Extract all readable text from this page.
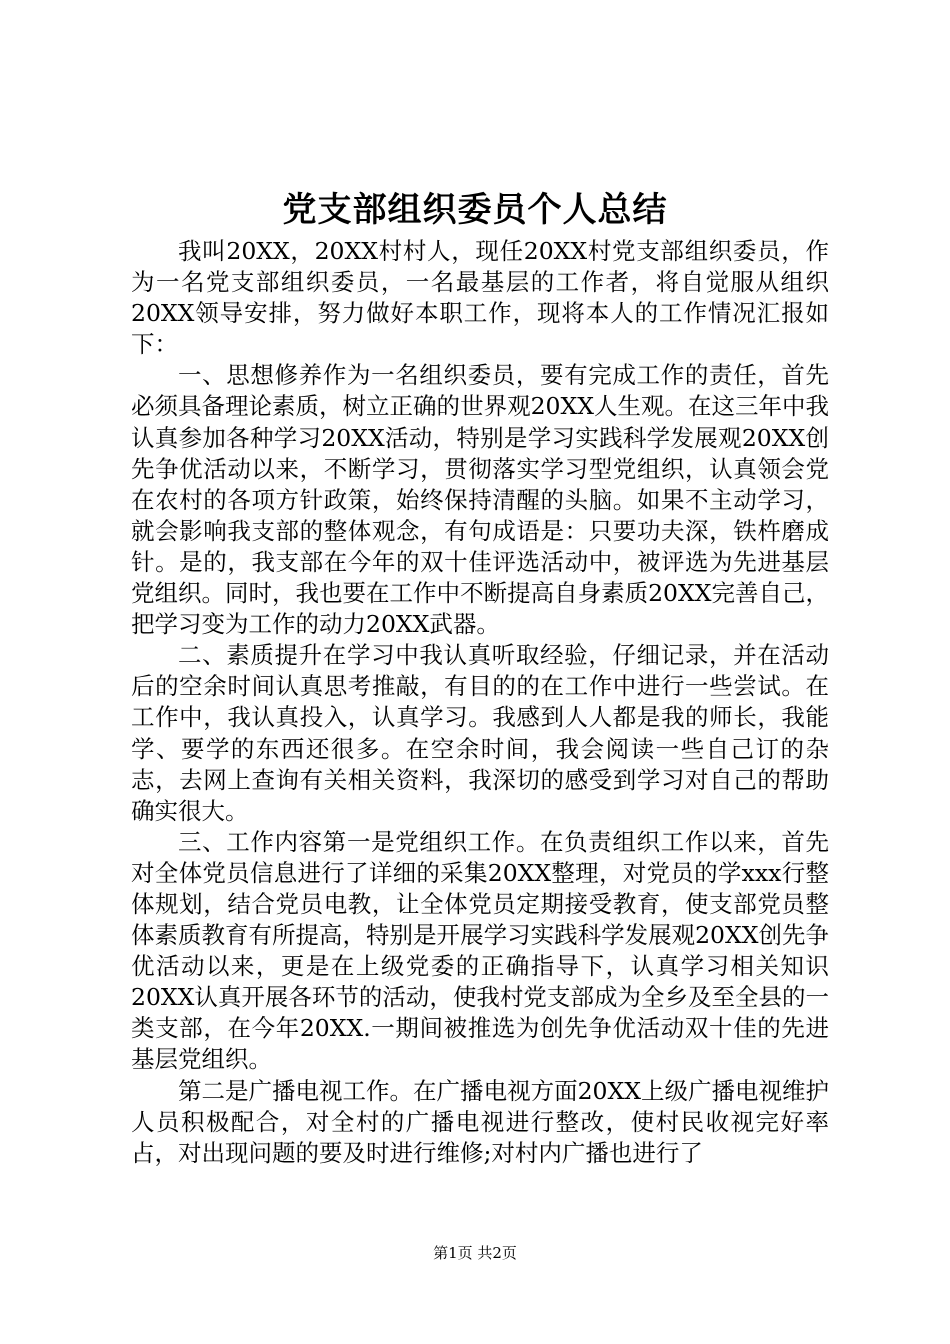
党支部组织委员个人总结

我叫20XX，20XX村村人，现任20XX村党支部组织委员，作为一名党支部组织委员，一名最基层的工作者，将自觉服从组织20XX领导安排，努力做好本职工作，现将本人的工作情况汇报如下：

一、思想修养作为一名组织委员，要有完成工作的责任，首先必须具备理论素质，树立正确的世界观20XX人生观。在这三年中我认真参加各种学习20XX活动，特别是学习实践科学发展观20XX创先争优活动以来，不断学习，贯彻落实学习型党组织，认真领会党在农村的各项方针政策，始终保持清醒的头脑。如果不主动学习，就会影响我支部的整体观念，有句成语是：只要功夫深，铁杵磨成针。是的，我支部在今年的双十佳评选活动中，被评选为先进基层党组织。同时，我也要在工作中不断提高自身素质20XX完善自己，把学习变为工作的动力20XX武器。

二、素质提升在学习中我认真听取经验，仔细记录，并在活动后的空余时间认真思考推敲，有目的的在工作中进行一些尝试。在工作中，我认真投入，认真学习。我感到人人都是我的师长，我能学、要学的东西还很多。在空余时间，我会阅读一些自己订的杂志，去网上查询有关相关资料，我深切的感受到学习对自己的帮助确实很大。

三、工作内容第一是党组织工作。在负责组织工作以来，首先对全体党员信息进行了详细的采集20XX整理，对党员的学xxx行整体规划，结合党员电教，让全体党员定期接受教育，使支部党员整体素质教育有所提高，特别是开展学习实践科学发展观20XX创先争优活动以来，更是在上级党委的正确指导下，认真学习相关知识20XX认真开展各环节的活动，使我村党支部成为全乡及至全县的一类支部，在今年20XX.一期间被推选为创先争优活动双十佳的先进基层党组织。

第二是广播电视工作。在广播电视方面20XX上级广播电视维护人员积极配合，对全村的广播电视进行整改，使村民收视完好率占，对出现问题的要及时进行维修;对村内广播也进行了

第1页 共2页
